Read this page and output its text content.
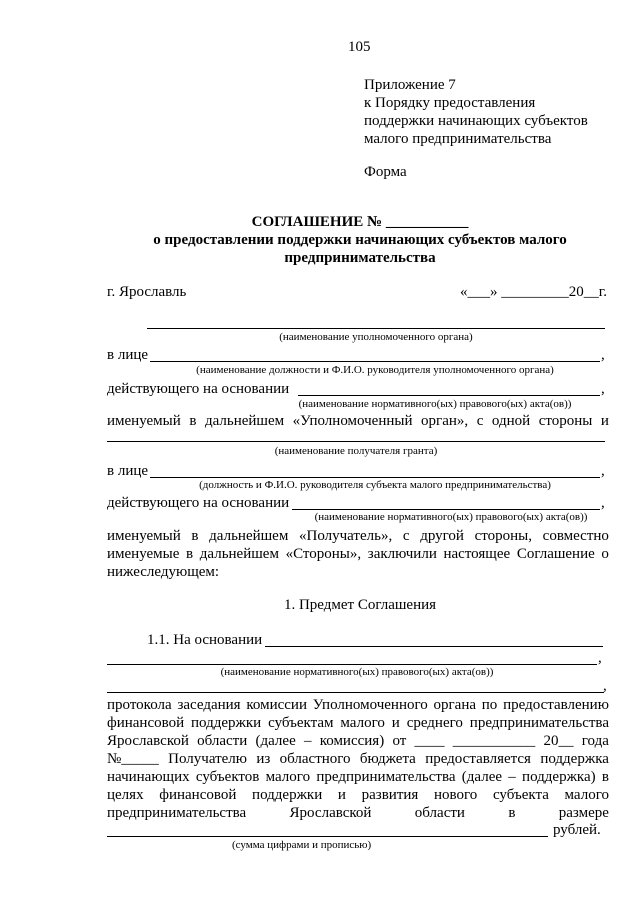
105
Приложение 7
к Порядку предоставления
поддержки начинающих субъектов
малого предпринимательства
Форма
СОГЛАШЕНИЕ № ___________
о предоставлении поддержки начинающих субъектов малого
предпринимательства
г. Ярославль	«___» _________20__г.
(наименование уполномоченного органа)
в лице	,
(наименование должности и Ф.И.О. руководителя уполномоченного органа)
действующего на основании	,
(наименование нормативного(ых) правового(ых) акта(ов))
именуемый в дальнейшем «Уполномоченный орган», с одной стороны и
(наименование получателя гранта)
в лице	,
(должность и Ф.И.О. руководителя субъекта малого предпринимательства)
действующего на основании	,
(наименование нормативного(ых) правового(ых) акта(ов))
именуемый в дальнейшем «Получатель», с другой стороны, совместно
именуемые в дальнейшем «Стороны», заключили настоящее Соглашение о
нижеследующем:
1. Предмет Соглашения
1.1. На основании
,
(наименование нормативного(ых) правового(ых) акта(ов))
,
протокола заседания комиссии Уполномоченного органа по предоставлению
финансовой поддержки субъектам малого и среднего предпринимательства
Ярославской области (далее – комиссия) от ____ ___________ 20__ года
№_____ Получателю из областного бюджета предоставляется поддержка
начинающих субъектов малого предпринимательства (далее – поддержка) в
целях финансовой поддержки и развития нового субъекта малого
предпринимательства	Ярославской	области	в	размере
рублей.
(сумма цифрами и прописью)
